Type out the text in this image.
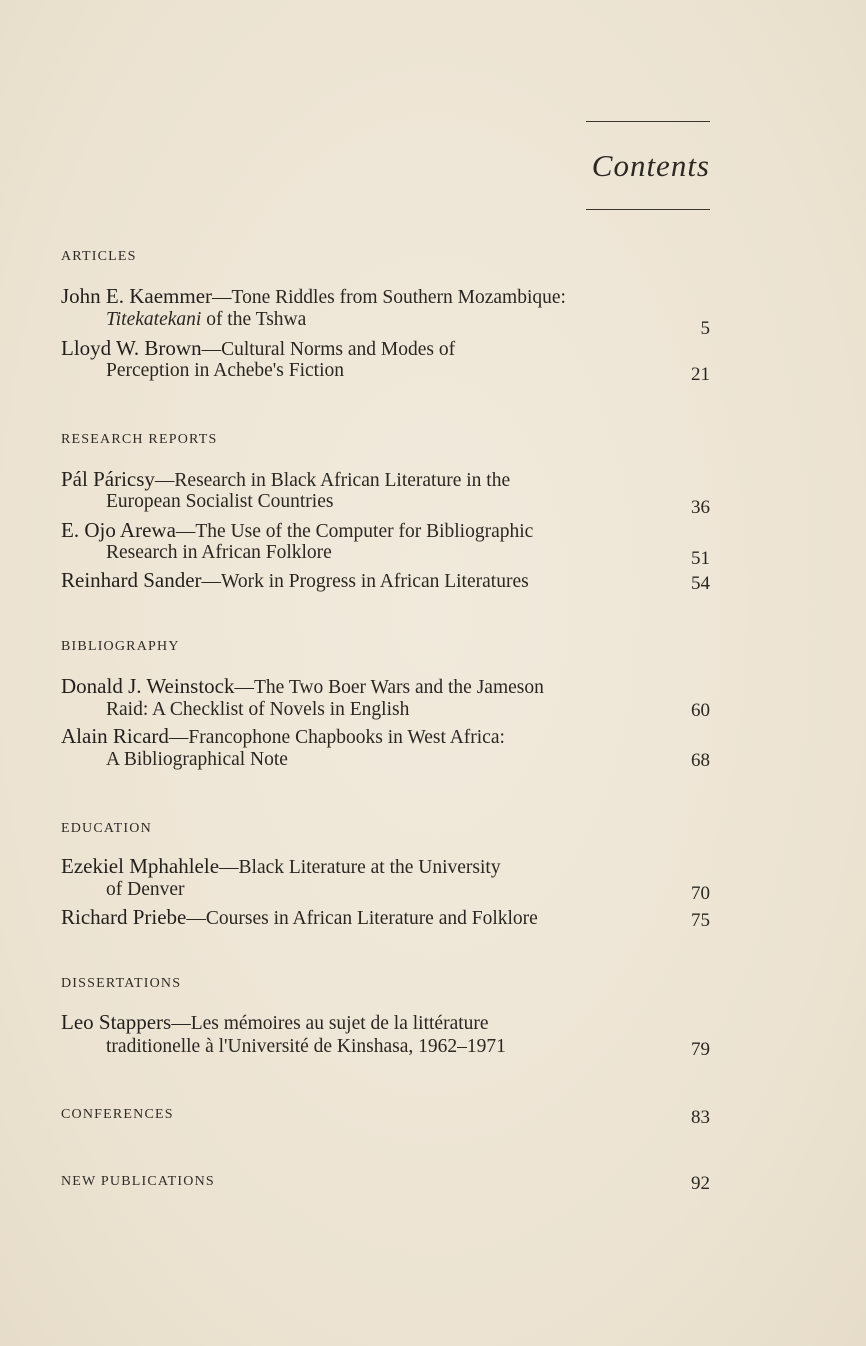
Contents
ARTICLES
John E. Kaemmer—Tone Riddles from Southern Mozambique:
Titekatekani of the Tshwa	5
Lloyd W. Brown—Cultural Norms and Modes of
Perception in Achebe's Fiction	21
RESEARCH REPORTS
Pál Páricsy—Research in Black African Literature in the
European Socialist Countries	36
E. Ojo Arewa—The Use of the Computer for Bibliographic
Research in African Folklore	51
Reinhard Sander—Work in Progress in African Literatures	54
BIBLIOGRAPHY
Donald J. Weinstock—The Two Boer Wars and the Jameson
Raid: A Checklist of Novels in English	60
Alain Ricard—Francophone Chapbooks in West Africa:
A Bibliographical Note	68
EDUCATION
Ezekiel Mphahlele—Black Literature at the University
of Denver	70
Richard Priebe—Courses in African Literature and Folklore	75
DISSERTATIONS
Leo Stappers—Les mémoires au sujet de la littérature
traditionelle à l'Université de Kinshasa, 1962–1971	79
CONFERENCES	83
NEW PUBLICATIONS	92
